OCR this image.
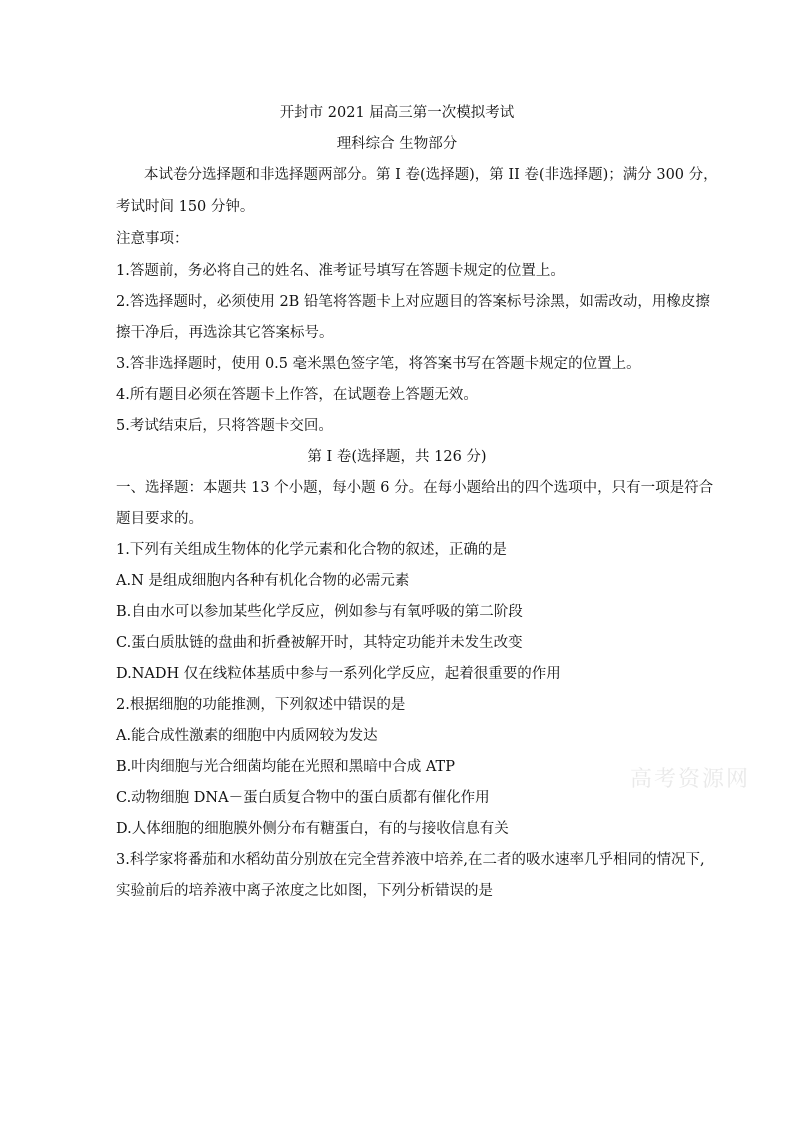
开封市 2021 届高三第一次模拟考试
理科综合 生物部分
本试卷分选择题和非选择题两部分。第 I 卷(选择题)，第 II 卷(非选择题)；满分 300 分，
考试时间 150 分钟。
注意事项：
1.答题前，务必将自己的姓名、准考证号填写在答题卡规定的位置上。
2.答选择题时，必须使用 2B 铅笔将答题卡上对应题目的答案标号涂黑，如需改动，用橡皮擦
擦干净后，再选涂其它答案标号。
3.答非选择题时，使用 0.5 毫米黑色签字笔，将答案书写在答题卡规定的位置上。
4.所有题目必须在答题卡上作答，在试题卷上答题无效。
5.考试结束后，只将答题卡交回。
第 I 卷(选择题，共 126 分)
一、选择题：本题共 13 个小题，每小题 6 分。在每小题给出的四个选项中，只有一项是符合
题目要求的。
1.下列有关组成生物体的化学元素和化合物的叙述，正确的是
A.N 是组成细胞内各种有机化合物的必需元素
B.自由水可以参加某些化学反应，例如参与有氧呼吸的第二阶段
C.蛋白质肽链的盘曲和折叠被解开时，其特定功能并未发生改变
D.NADH 仅在线粒体基质中参与一系列化学反应，起着很重要的作用
2.根据细胞的功能推测，下列叙述中错误的是
A.能合成性激素的细胞中内质网较为发达
B.叶肉细胞与光合细菌均能在光照和黑暗中合成 ATP
C.动物细胞 DNA－蛋白质复合物中的蛋白质都有催化作用
D.人体细胞的细胞膜外侧分布有糖蛋白，有的与接收信息有关
3.科学家将番茄和水稻幼苗分别放在完全营养液中培养,在二者的吸水速率几乎相同的情况下,
实验前后的培养液中离子浓度之比如图，下列分析错误的是
高考资源网
